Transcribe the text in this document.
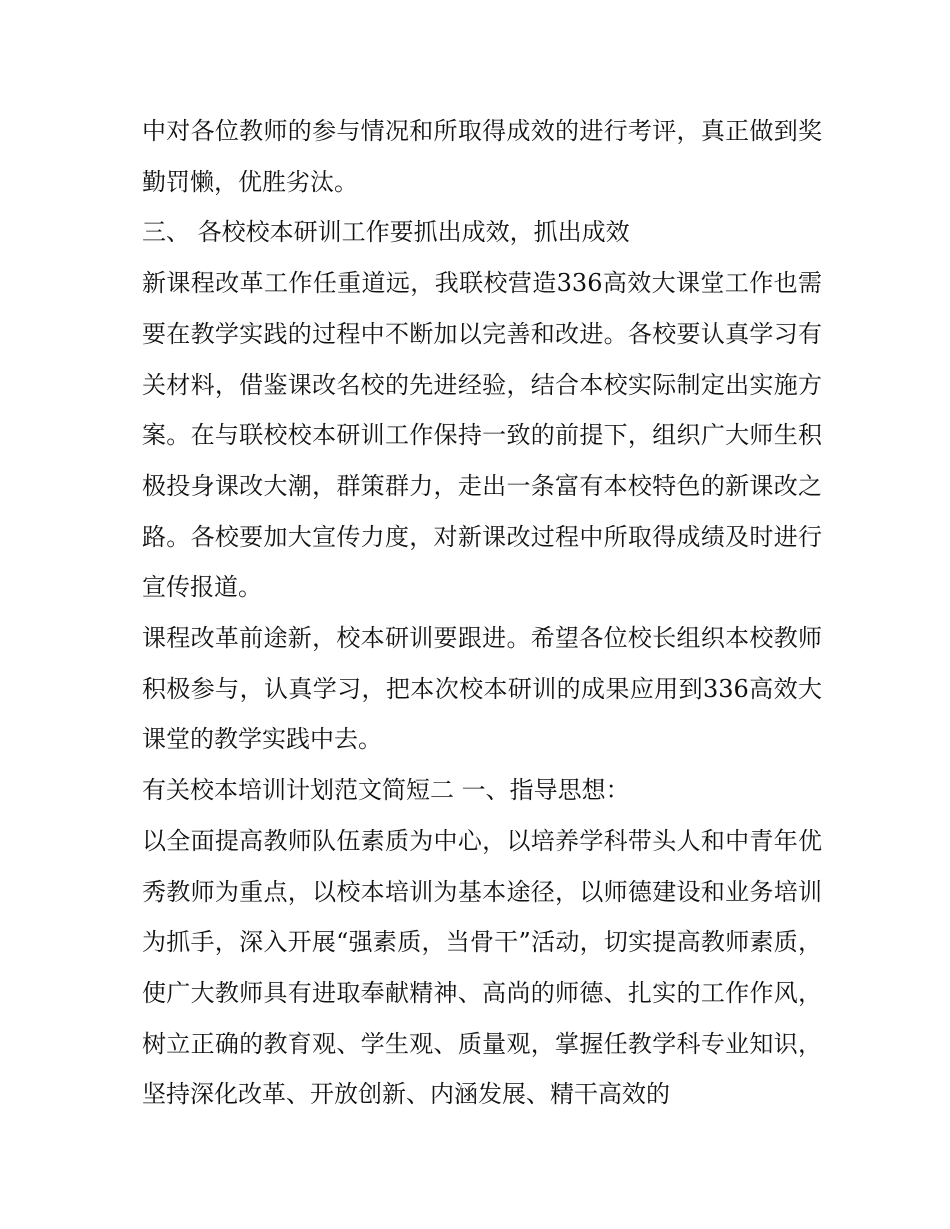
中对各位教师的参与情况和所取得成效的进行考评，真正做到奖勤罚懒，优胜劣汰。

三、 各校校本研训工作要抓出成效，抓出成效

新课程改革工作任重道远，我联校营造336高效大课堂工作也需要在教学实践的过程中不断加以完善和改进。各校要认真学习有关材料，借鉴课改名校的先进经验，结合本校实际制定出实施方案。在与联校校本研训工作保持一致的前提下，组织广大师生积极投身课改大潮，群策群力，走出一条富有本校特色的新课改之路。各校要加大宣传力度，对新课改过程中所取得成绩及时进行宣传报道。

课程改革前途新，校本研训要跟进。希望各位校长组织本校教师积极参与，认真学习，把本次校本研训的成果应用到336高效大课堂的教学实践中去。

有关校本培训计划范文简短二 一、指导思想：

以全面提高教师队伍素质为中心，以培养学科带头人和中青年优秀教师为重点，以校本培训为基本途径，以师德建设和业务培训为抓手，深入开展“强素质，当骨干”活动，切实提高教师素质，使广大教师具有进取奉献精神、高尚的师德、扎实的工作作风，树立正确的教育观、学生观、质量观，掌握任教学科专业知识，坚持深化改革、开放创新、内涵发展、精干高效的
